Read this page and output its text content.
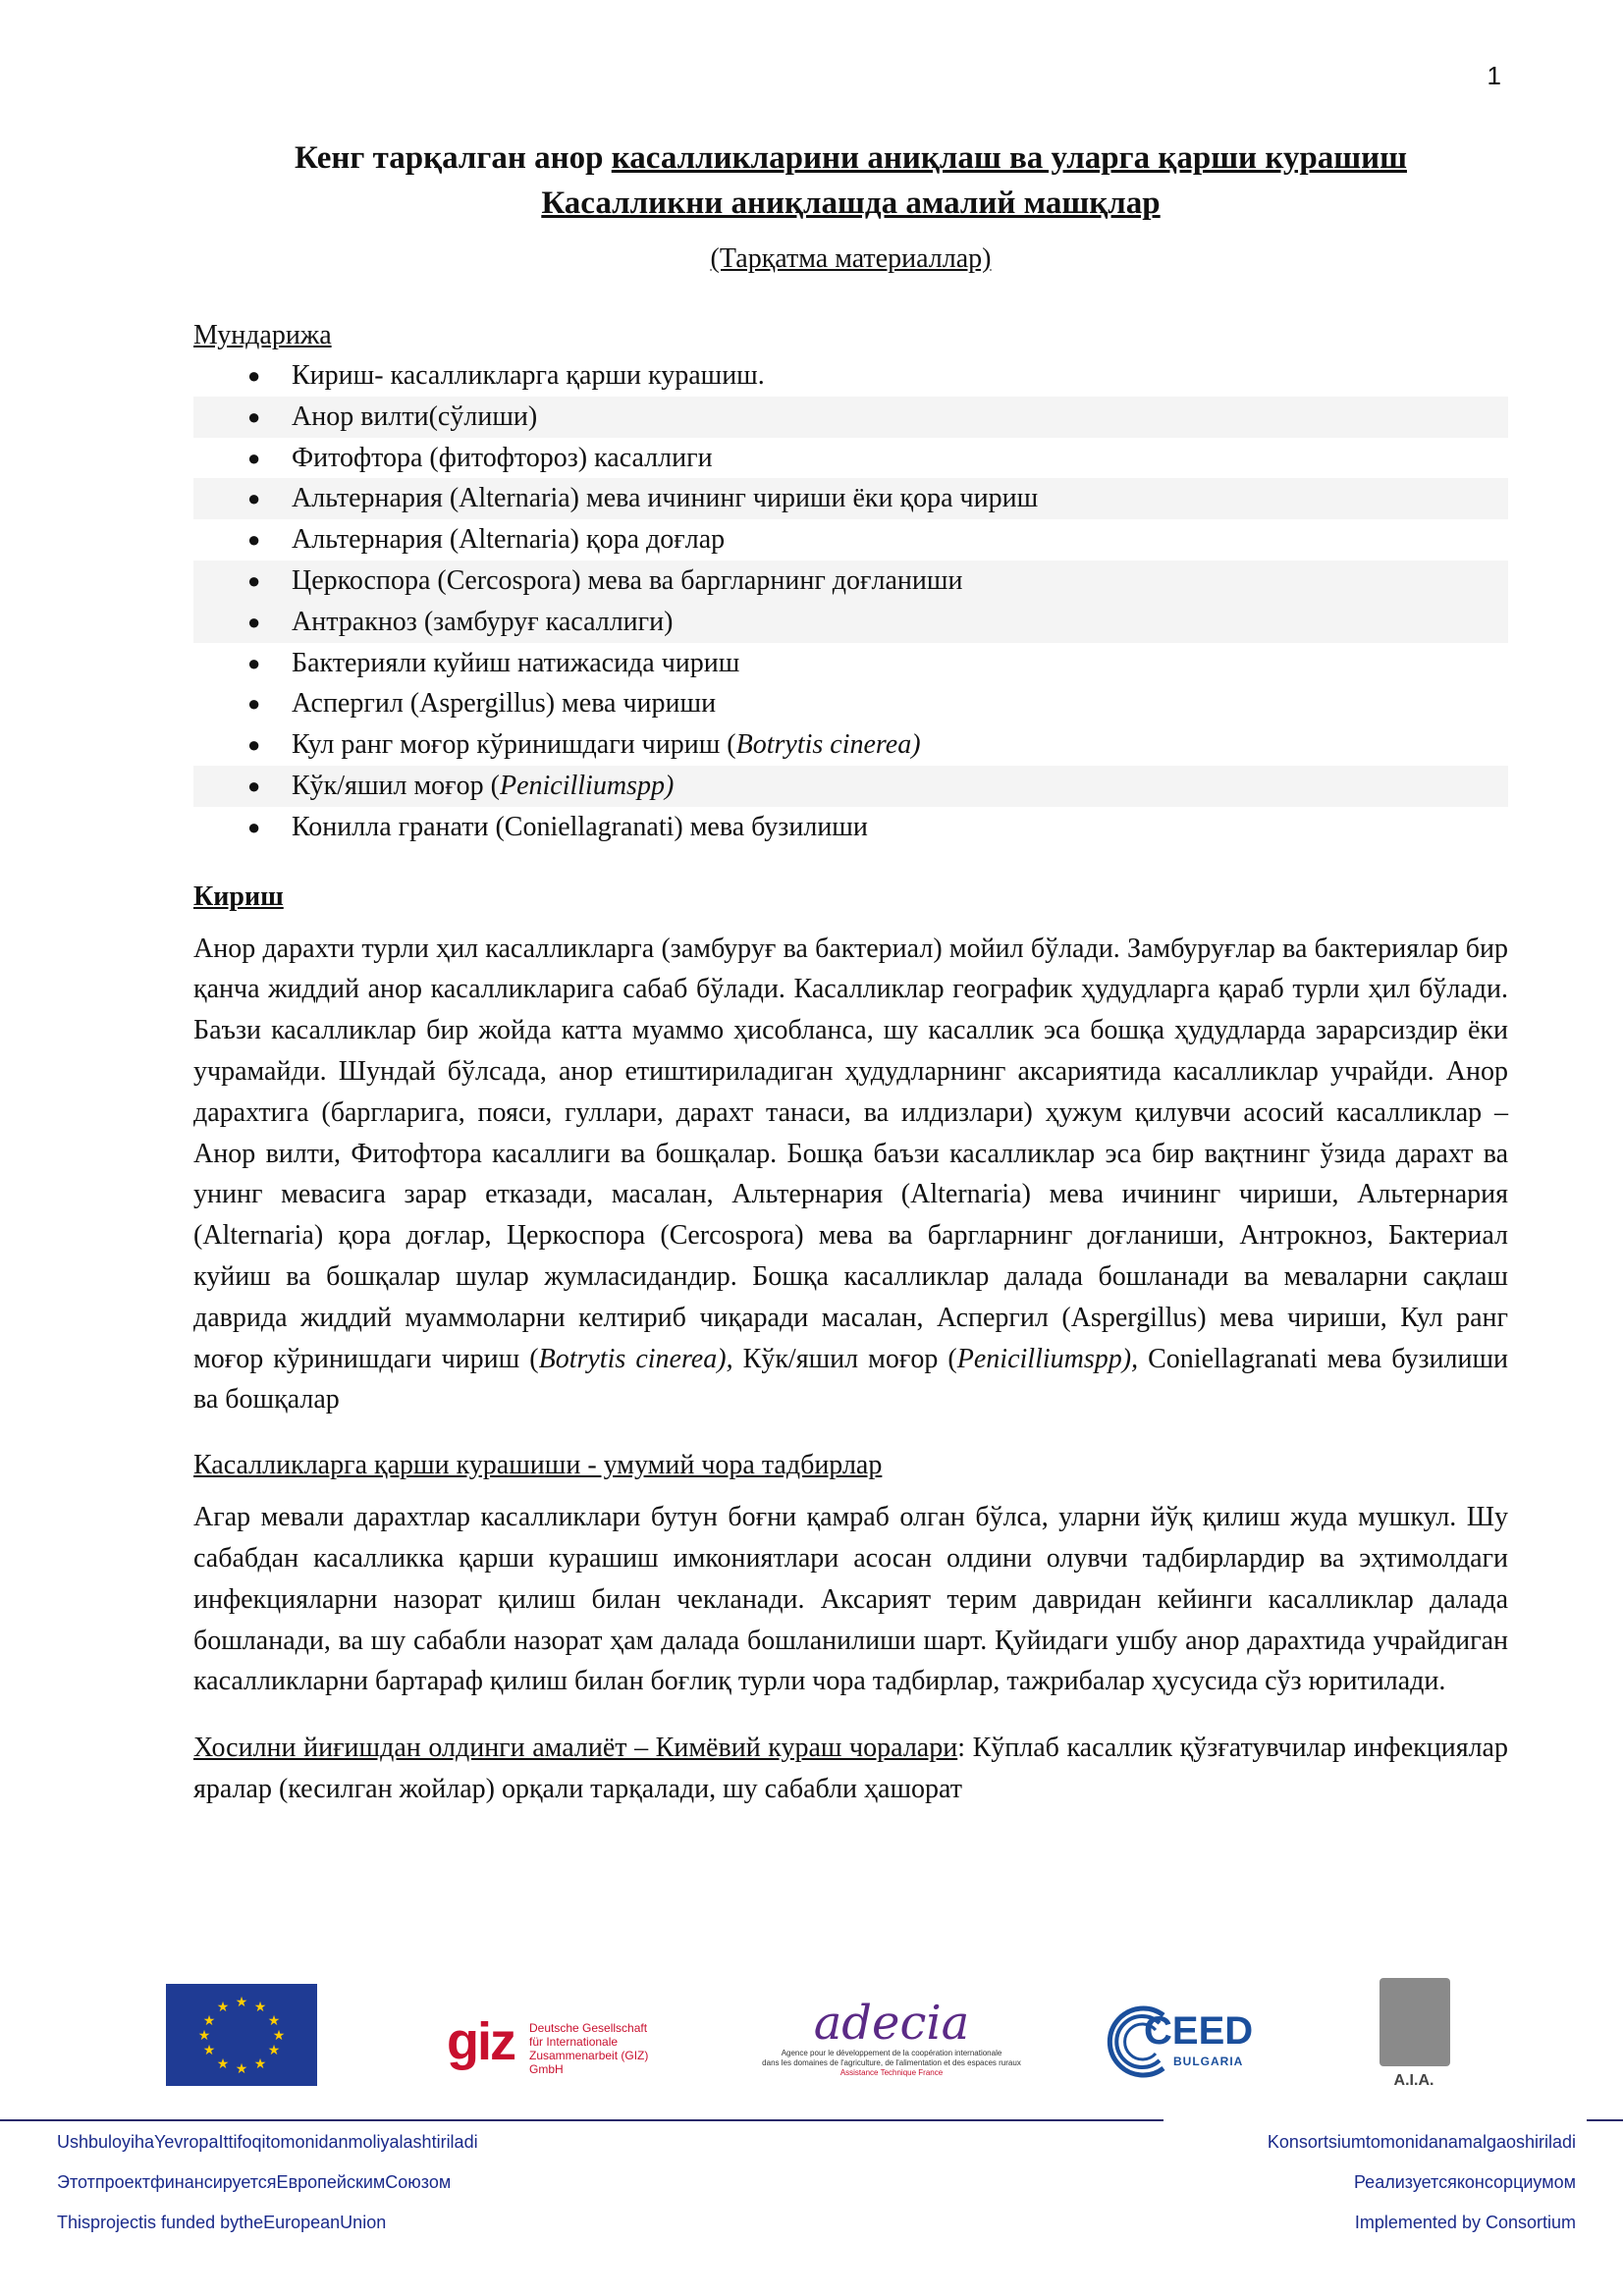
1
Кенг тарқалган анор касалликларини аниқлаш ва уларга қарши курашиш
Касалликни аниқлашда амалий машқлар

(Тарқатма материаллар)

Мундарижа

● Кириш- касалликларга қарши курашиш.
● Анор вилти(сўлиши)
● Фитофтора (фитофтороз) касаллиги
● Альтернария (Alternaria) мева ичининг чириши ёки қора чириш
● Альтернария (Alternaria) қора доғлар
● Церкоспора (Cercospora) мева ва баргларнинг доғланиши
● Антракноз (замбуруғ касаллиги)
● Бактерияли куйиш натижасида чириш
● Аспергил (Aspergillus) мева чириши
● Кул ранг моғор кўринишдаги чириш (Botrytis cinerea)
● Кўк/яшил моғор (Penicilliumspp)
● Конилла гранати (Coniellagranati) мева бузилиши

Кириш

Анор дарахти турли ҳил касалликларга (замбуруғ ва бактериал) мойил бўлади. Замбуруғлар ва бактериялар бир қанча жиддий анор касалликларига сабаб бўлади. Касалликлар географик ҳудудларга қараб турли ҳил бўлади. Баъзи касалликлар бир жойда катта муаммо ҳисобланса, шу касаллик эса бошқа ҳудудларда зарарсиздир ёки учрамайди. Шундай бўлсада, анор етиштириладиган ҳудудларнинг аксариятида касалликлар учрайди. Анор дарахтига (баргларига, пояси, гуллари, дарахт танаси, ва илдизлари) ҳужум қилувчи асосий касалликлар – Анор вилти, Фитофтора касаллиги ва бошқалар. Бошқа баъзи касалликлар эса бир вақтнинг ўзида дарахт ва унинг мевасига зарар етказади, масалан, Альтернария (Alternaria) мева ичининг чириши, Альтернария (Alternaria) қора доғлар, Церкоспора (Cercospora) мева ва баргларнинг доғланиши, Антрокноз, Бактериал куйиш ва бошқалар шулар жумласидандир. Бошқа касалликлар далада бошланади ва меваларни сақлаш даврида жиддий муаммоларни келтириб чиқаради масалан, Аспергил (Aspergillus) мева чириши, Кул ранг моғор кўринишдаги чириш (Botrytis cinerea), Кўк/яшил моғор (Penicilliumspp), Coniellagranati мева бузилиши ва бошқалар

Касалликларга қарши курашиши - умумий чора тадбирлар

Агар мевали дарахтлар касалликлари бутун боғни қамраб олган бўлса, уларни йўқ қилиш жуда мушкул. Шу сабабдан касалликка қарши курашиш имкониятлари асосан олдини олувчи тадбирлардир ва эҳтимолдаги инфекцияларни назорат қилиш билан чекланади. Аксарият терим давридан кейинги касалликлар далада бошланади, ва шу сабабли назорат ҳам далада бошланилиши шарт. Қуйидаги ушбу анор дарахтида учрайдиган касалликларни бартараф қилиш билан боғлиқ турли чора тадбирлар, тажрибалар ҳусусида сўз юритилади.

Хосилни йиғишдан олдинги амалиёт – Кимёвий кураш чоралари: Кўплаб касаллик қўзғатувчилар инфекциялар яралар (кесилган жойлар) орқали тарқалади, шу сабабли ҳашорат

★ ★
★
★
★
★
★
★
★
★
★
★
giz Deutsche Gesellschaft
für Internationale
Zusammenarbeit (GIZ) GmbH
adecia
Agence pour le développement de la coopération internationale
dans les domaines de l'agriculture, de l'alimentation et des espaces ruraux
Assistance Technique France
CEED
BULGARIA
A.I.A.
UshbuloyihaYevropaIttifoqitomonidanmoliyalashtiriladi
ЭтотпроектфинансируетсяЕвропейскимСоюзом
Thisprojectis funded bytheEuropeanUnion
Konsortsiumtomonidanamalgaoshiriladi
Реализуетсяконсорциумом
Implemented by Consortium
